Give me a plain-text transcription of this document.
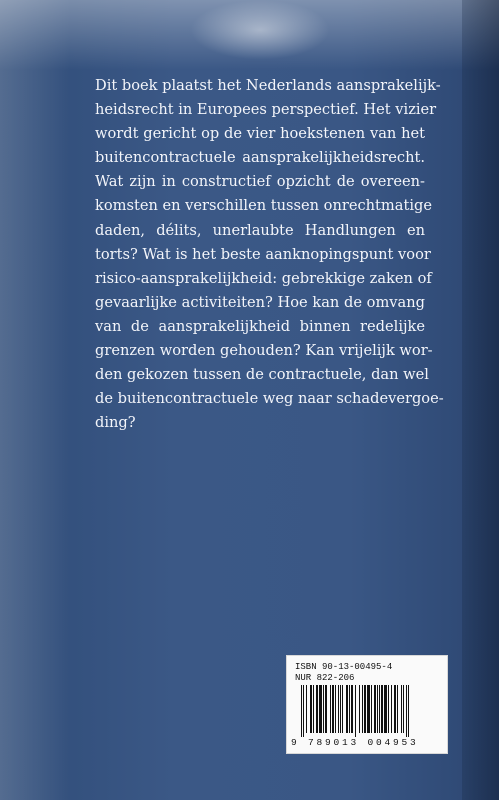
Dit boek plaatst het Nederlands aansprakelijk-

heidsrecht in Europees perspectief. Het vizier

wordt gericht op de vier hoekstenen van het

buitencontractuele aansprakelijkheidsrecht.

Wat zijn in constructief opzicht de overeen-

komsten en verschillen tussen onrechtmatige

daden, délits, unerlaubte Handlungen en

torts? Wat is het beste aanknopingspunt voor

risico-aansprakelijkheid: gebrekkige zaken of

gevaarlijke activiteiten? Hoe kan de omvang

van de aansprakelijkheid binnen redelijke

grenzen worden gehouden? Kan vrijelijk wor-

den gekozen tussen de contractuele, dan wel

de buitencontractuele weg naar schadevergoe-

ding?

ISBN 90-13-00495-4
NUR 822-206
9 789013 004953
